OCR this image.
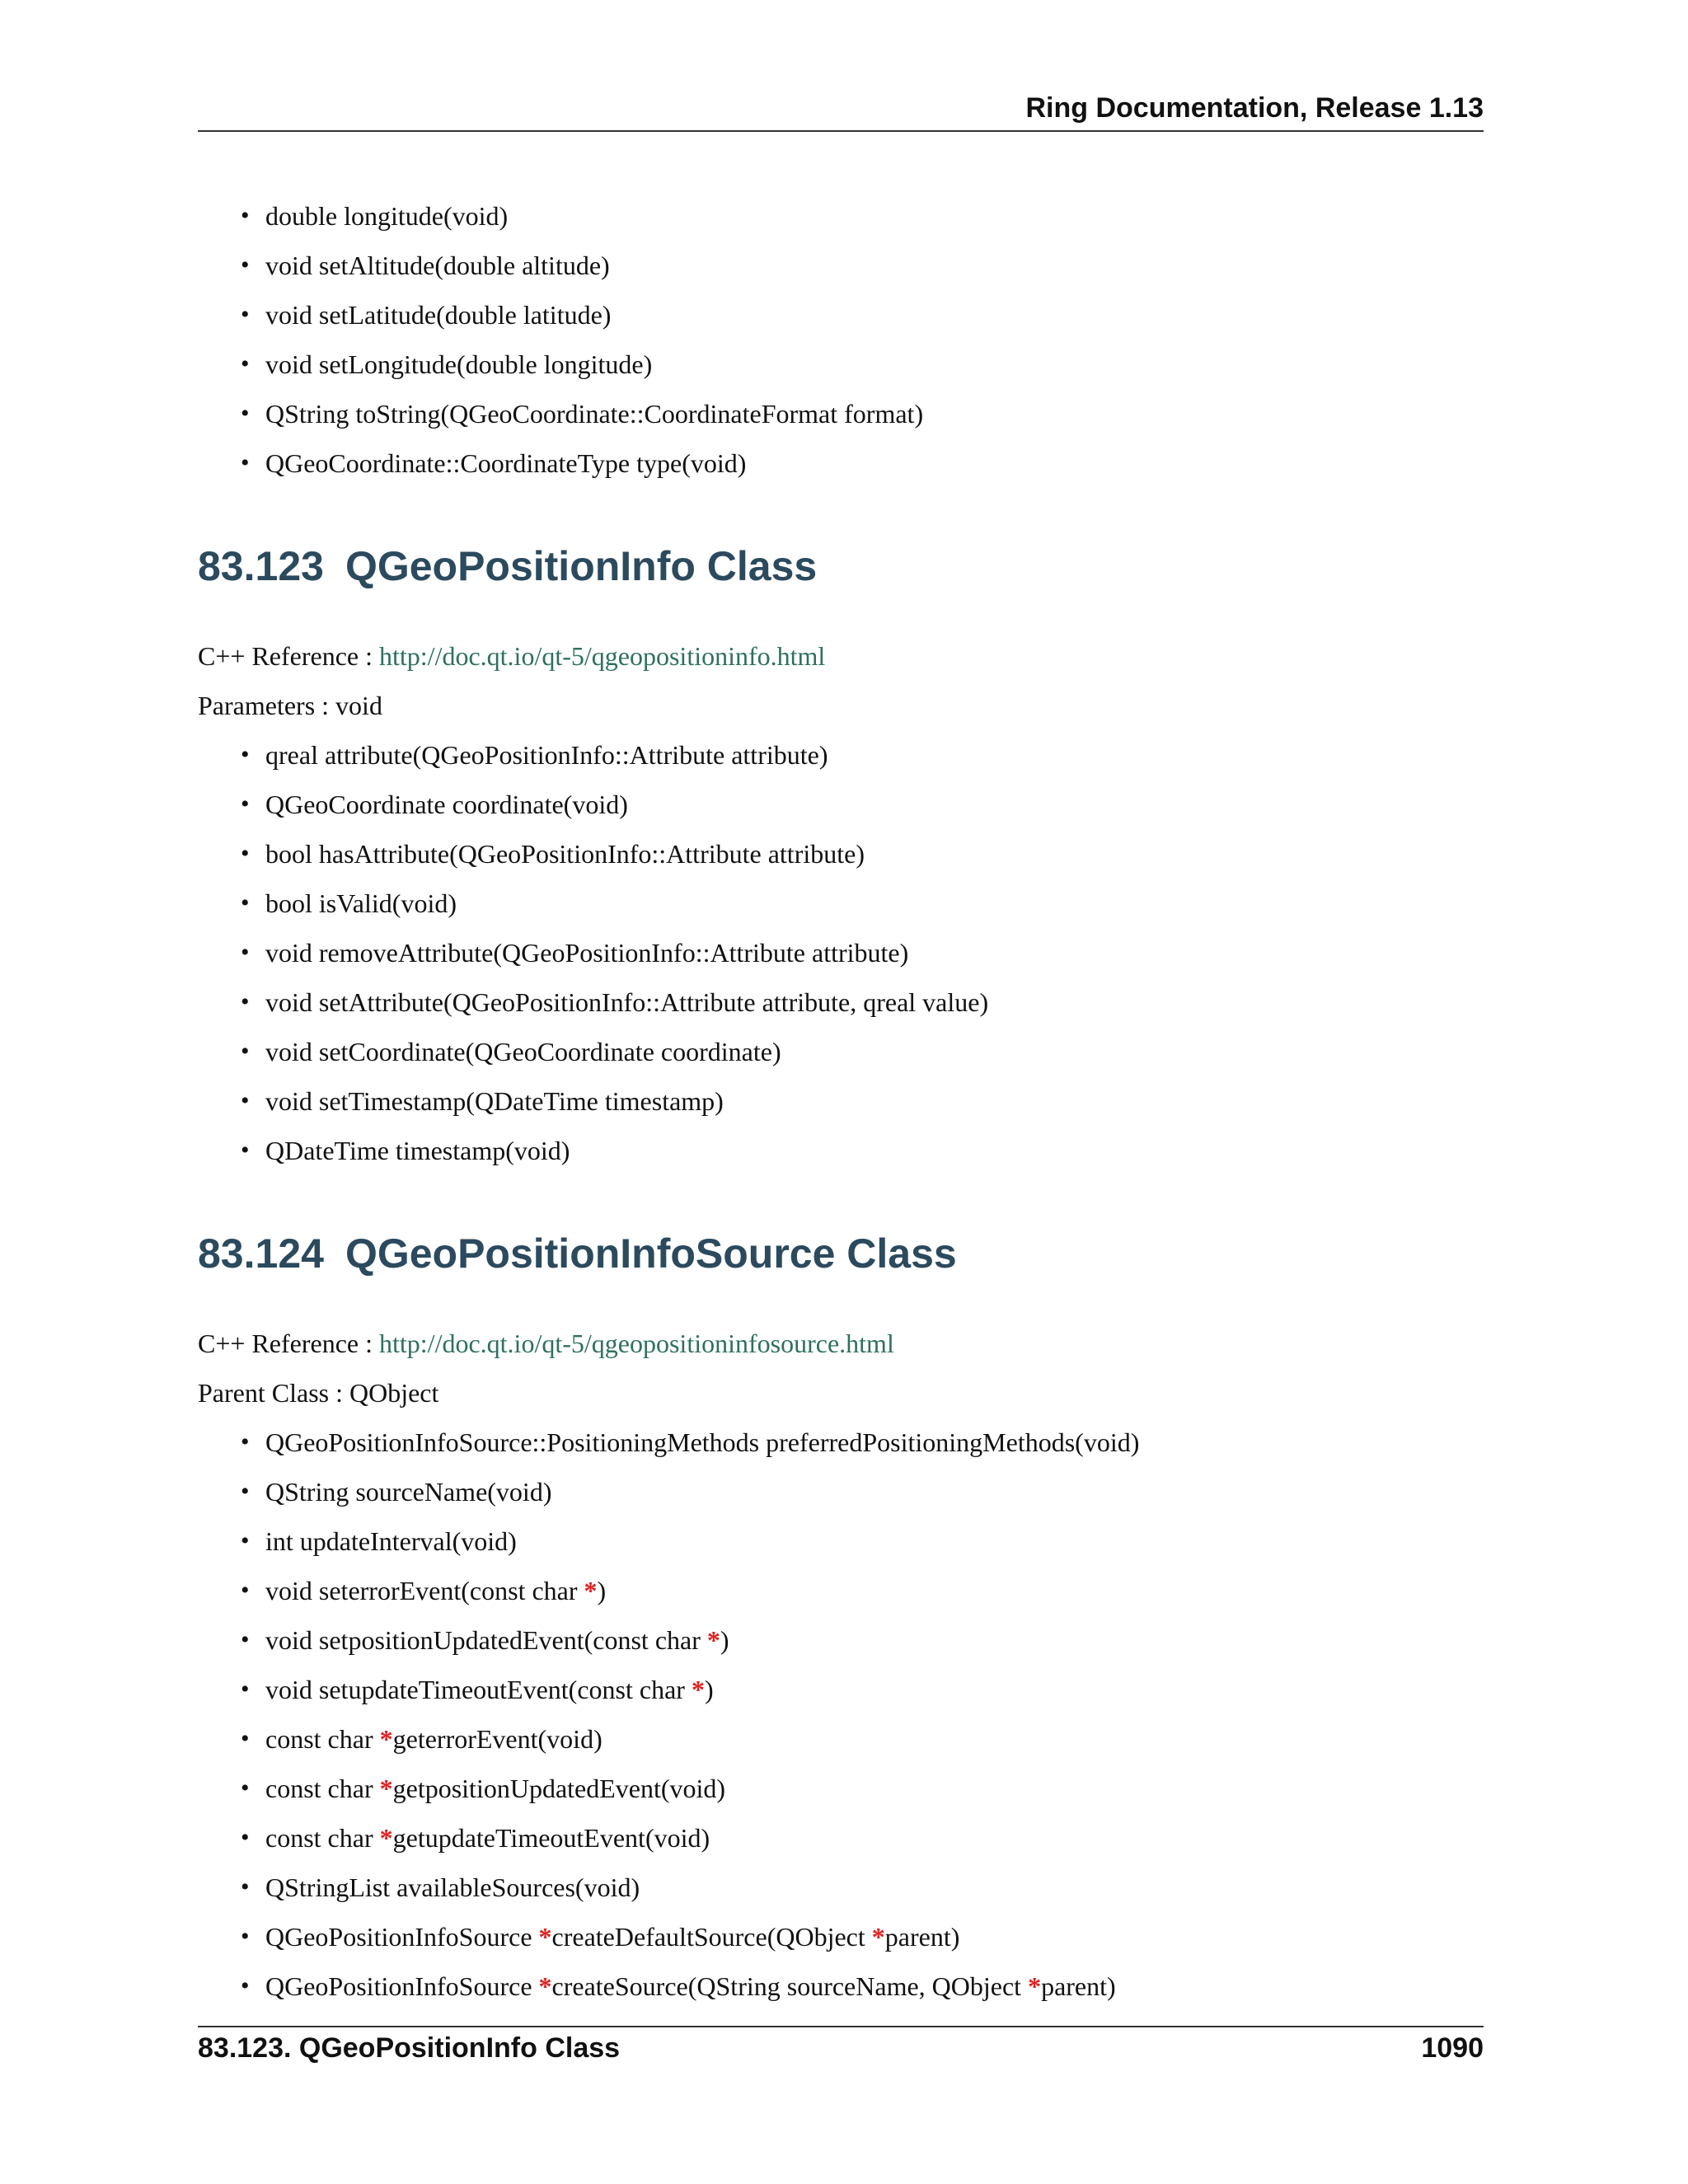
Ring Documentation, Release 1.13
• double longitude(void)
• void setAltitude(double altitude)
• void setLatitude(double latitude)
• void setLongitude(double longitude)
• QString toString(QGeoCoordinate::CoordinateFormat format)
• QGeoCoordinate::CoordinateType type(void)
83.123 QGeoPositionInfo Class
C++ Reference : http://doc.qt.io/qt-5/qgeopositioninfo.html
Parameters : void
• qreal attribute(QGeoPositionInfo::Attribute attribute)
• QGeoCoordinate coordinate(void)
• bool hasAttribute(QGeoPositionInfo::Attribute attribute)
• bool isValid(void)
• void removeAttribute(QGeoPositionInfo::Attribute attribute)
• void setAttribute(QGeoPositionInfo::Attribute attribute, qreal value)
• void setCoordinate(QGeoCoordinate coordinate)
• void setTimestamp(QDateTime timestamp)
• QDateTime timestamp(void)
83.124 QGeoPositionInfoSource Class
C++ Reference : http://doc.qt.io/qt-5/qgeopositioninfosource.html
Parent Class : QObject
• QGeoPositionInfoSource::PositioningMethods preferredPositioningMethods(void)
• QString sourceName(void)
• int updateInterval(void)
• void seterrorEvent(const char *)
• void setpositionUpdatedEvent(const char *)
• void setupdateTimeoutEvent(const char *)
• const char *geterrorEvent(void)
• const char *getpositionUpdatedEvent(void)
• const char *getupdateTimeoutEvent(void)
• QStringList availableSources(void)
• QGeoPositionInfoSource *createDefaultSource(QObject *parent)
• QGeoPositionInfoSource *createSource(QString sourceName, QObject *parent)
83.123. QGeoPositionInfo Class	1090
